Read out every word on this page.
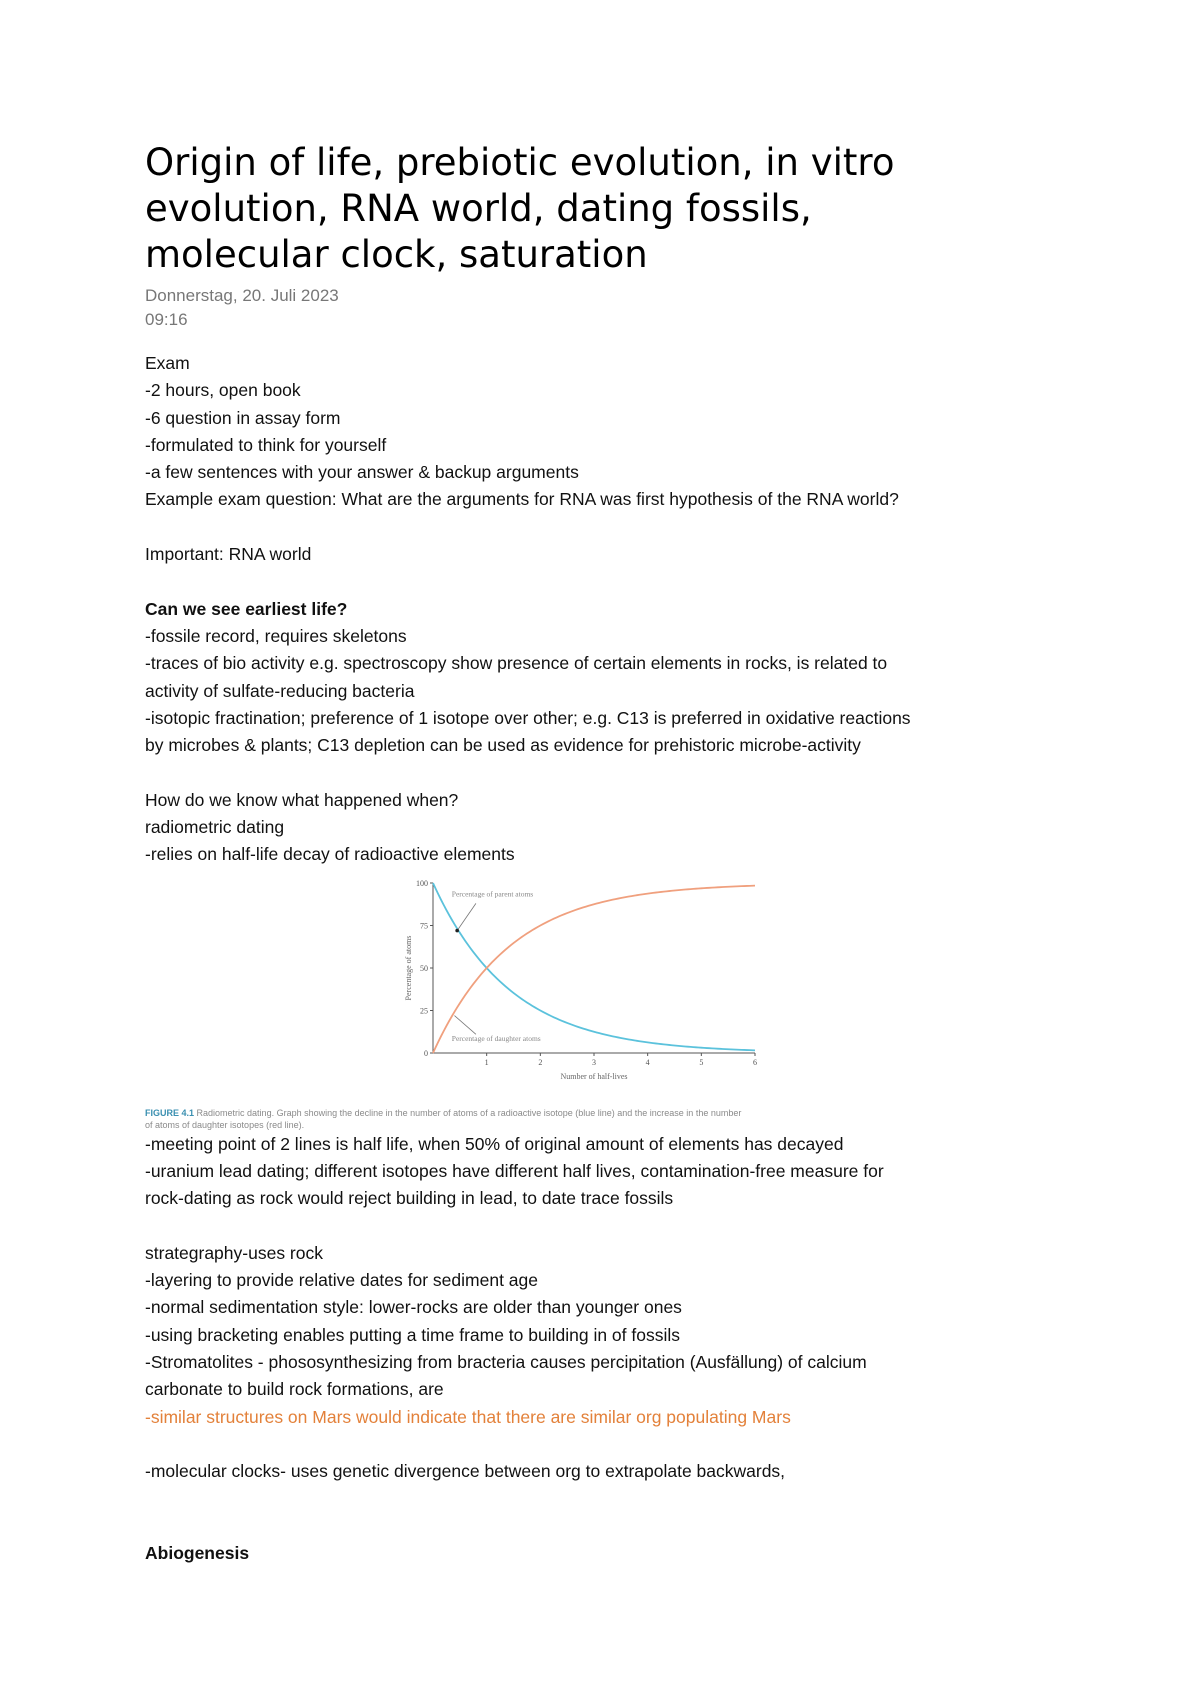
Origin of life, prebiotic evolution, in vitro
evolution, RNA world, dating fossils,
molecular clock, saturation
Donnerstag, 20. Juli 2023
09:16
Exam
-2 hours, open book
-6 question in assay form
-formulated to think for yourself
-a few sentences with your answer & backup arguments
Example exam question: What are the arguments for RNA was first hypothesis of the RNA world?
Important: RNA world
Can we see earliest life?
-fossile record, requires skeletons
-traces of bio activity e.g. spectroscopy show presence of certain elements in rocks, is related to
activity of sulfate-reducing bacteria
-isotopic fractination; preference of 1 isotope over other; e.g. C13 is preferred in oxidative reactions
by microbes & plants; C13 depletion can be used as evidence for prehistoric microbe-activity
How do we know what happened when?
radiometric dating
-relies on half-life decay of radioactive elements
0
25
50
75
100
1	2	3	4	5	6
Number of half-lives
Percentage of atoms
Percentage of parent atoms
Percentage of daughter atoms
FIGURE 4.1 Radiometric dating. Graph showing the decline in the number of atoms of a radioactive isotope (blue line) and the increase in the number of atoms of daughter isotopes (red line).
-meeting point of 2 lines is half life, when 50% of original amount of elements has decayed
-uranium lead dating; different isotopes have different half lives, contamination-free measure for
rock-dating as rock would reject building in lead, to date trace fossils
strategraphy-uses rock
-layering to provide relative dates for sediment age
-normal sedimentation style: lower-rocks are older than younger ones
-using bracketing enables putting a time frame to building in of fossils
-Stromatolites - phososynthesizing from bracteria causes percipitation (Ausfällung) of calcium
carbonate to build rock formations, are
-similar structures on Mars would indicate that there are similar org populating Mars
-molecular clocks- uses genetic divergence between org to extrapolate backwards,
Abiogenesis
